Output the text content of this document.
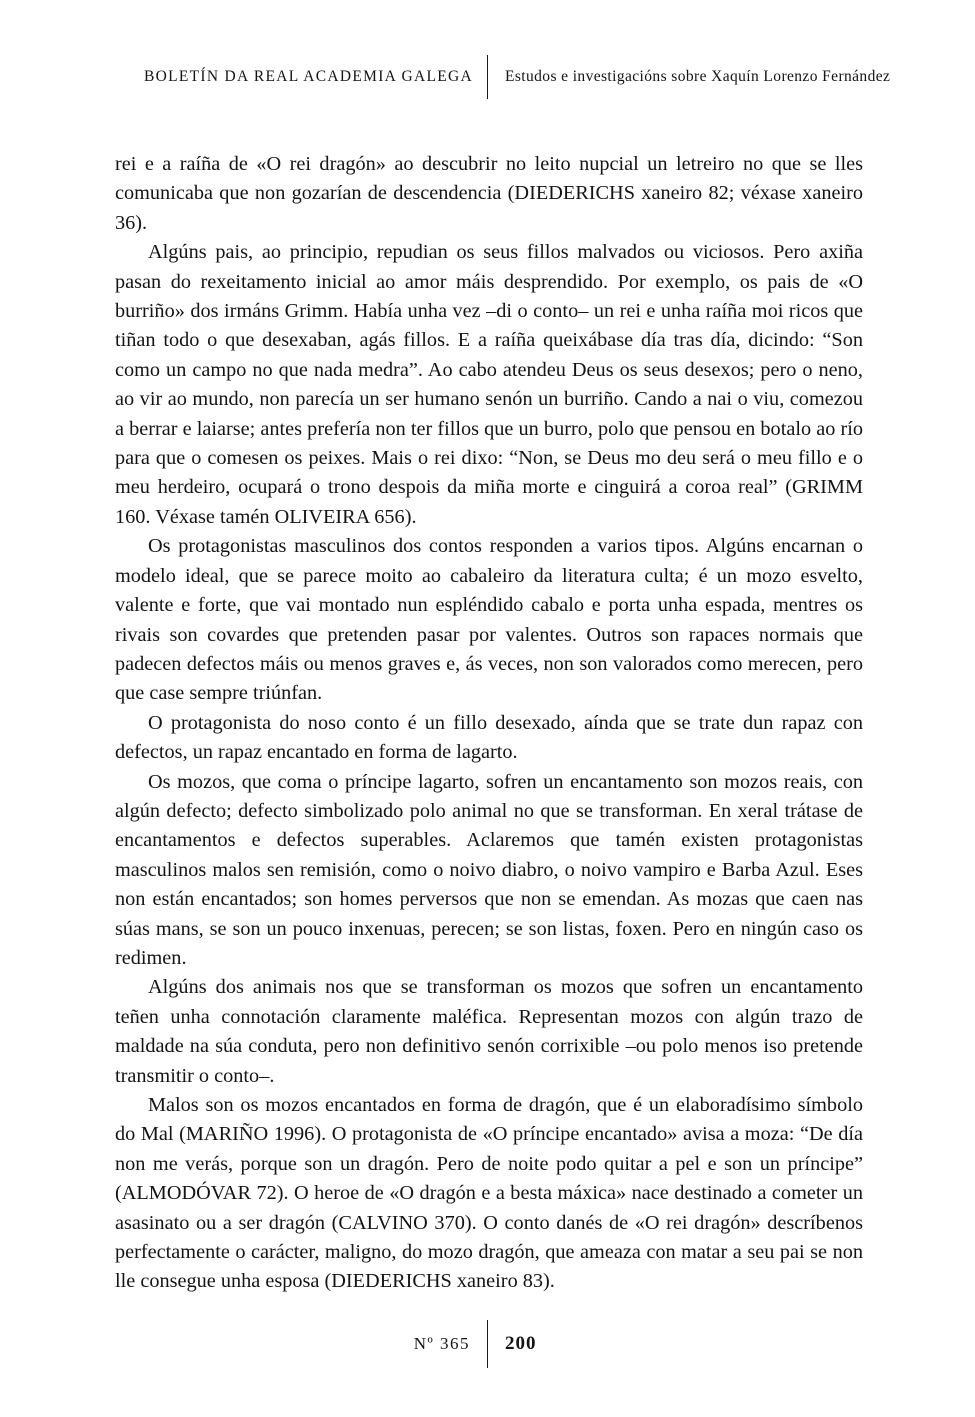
BOLETÍN DA REAL ACADEMIA GALEGA	Estudos e investigacións sobre Xaquín Lorenzo Fernández

rei e a raíña de «O rei dragón» ao descubrir no leito nupcial un letreiro no que se lles comunicaba que non gozarían de descendencia (DIEDERICHS xaneiro 82; véxase xaneiro 36).

Algúns pais, ao principio, repudian os seus fillos malvados ou viciosos. Pero axiña pasan do rexeitamento inicial ao amor máis desprendido. Por exemplo, os pais de «O burriño» dos irmáns Grimm. Había unha vez –di o conto– un rei e unha raíña moi ricos que tiñan todo o que desexaban, agás fillos. E a raíña queixábase día tras día, dicindo: “Son como un campo no que nada medra”. Ao cabo atendeu Deus os seus desexos; pero o neno, ao vir ao mundo, non parecía un ser humano senón un burriño. Cando a nai o viu, comezou a berrar e laiarse; antes prefería non ter fillos que un burro, polo que pensou en botalo ao río para que o comesen os peixes. Mais o rei dixo: “Non, se Deus mo deu será o meu fillo e o meu herdeiro, ocupará o trono despois da miña morte e cinguirá a coroa real” (GRIMM 160. Véxase tamén OLIVEIRA 656).

Os protagonistas masculinos dos contos responden a varios tipos. Algúns encarnan o modelo ideal, que se parece moito ao cabaleiro da literatura culta; é un mozo esvelto, valente e forte, que vai montado nun espléndido cabalo e porta unha espada, mentres os rivais son covardes que pretenden pasar por valentes. Outros son rapaces normais que padecen defectos máis ou menos graves e, ás veces, non son valorados como merecen, pero que case sempre triúnfan.

O protagonista do noso conto é un fillo desexado, aínda que se trate dun rapaz con defectos, un rapaz encantado en forma de lagarto.

Os mozos, que coma o príncipe lagarto, sofren un encantamento son mozos reais, con algún defecto; defecto simbolizado polo animal no que se transforman. En xeral trátase de encantamentos e defectos superables. Aclaremos que tamén existen protagonistas masculinos malos sen remisión, como o noivo diabro, o noivo vampiro e Barba Azul. Eses non están encantados; son homes perversos que non se emendan. As mozas que caen nas súas mans, se son un pouco inxenuas, perecen; se son listas, foxen. Pero en ningún caso os redimen.

Algúns dos animais nos que se transforman os mozos que sofren un encantamento teñen unha connotación claramente maléfica. Representan mozos con algún trazo de maldade na súa conduta, pero non definitivo senón corrixible –ou polo menos iso pretende transmitir o conto–.

Malos son os mozos encantados en forma de dragón, que é un elaboradísimo símbolo do Mal (MARIÑO 1996). O protagonista de «O príncipe encantado» avisa a moza: “De día non me verás, porque son un dragón. Pero de noite podo quitar a pel e son un príncipe” (ALMODÓVAR 72). O heroe de «O dragón e a besta máxica» nace destinado a cometer un asasinato ou a ser dragón (CALVINO 370). O conto danés de «O rei dragón» descríbenos perfectamente o carácter, maligno, do mozo dragón, que ameaza con matar a seu pai se non lle consegue unha esposa (DIEDERICHS xaneiro 83).

Nº 365	200
